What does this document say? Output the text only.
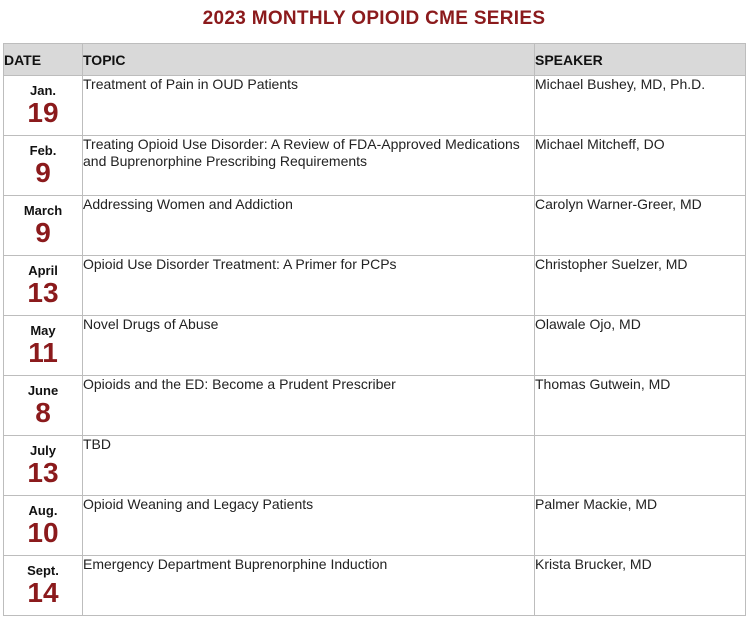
2023 MONTHLY OPIOID CME SERIES
DATE	TOPIC	SPEAKER

Jan.
19	Treatment of Pain in OUD Patients	Michael Bushey, MD, Ph.D.

Feb.
9	Treating Opioid Use Disorder: A Review of FDA-Approved Medications and Buprenorphine Prescribing Requirements	Michael Mitcheff, DO

March
9	Addressing Women and Addiction	Carolyn Warner-Greer, MD

April
13	Opioid Use Disorder Treatment: A Primer for PCPs	Christopher Suelzer, MD

May
11	Novel Drugs of Abuse	Olawale Ojo, MD

June
8	Opioids and the ED: Become a Prudent Prescriber	Thomas Gutwein, MD

July
13	TBD	

Aug.
10	Opioid Weaning and Legacy Patients	Palmer Mackie, MD

Sept.
14	Emergency Department Buprenorphine Induction	Krista Brucker, MD
